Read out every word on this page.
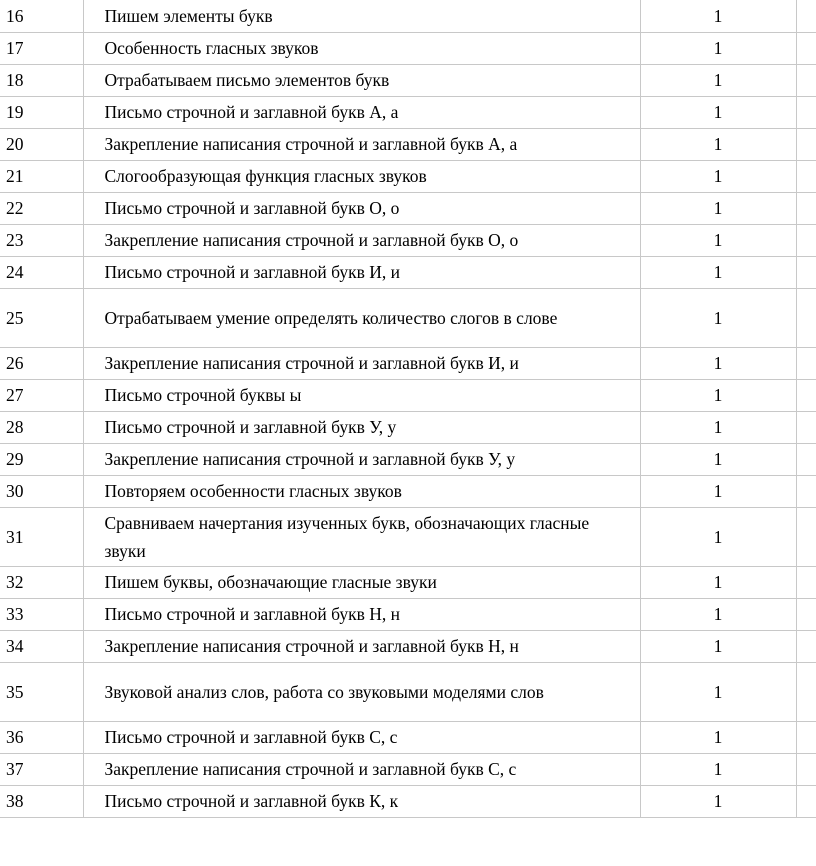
16	Пишем элементы букв	1	
17	Особенность гласных звуков	1	
18	Отрабатываем письмо элементов букв	1	
19	Письмо строчной и заглавной букв А, а	1	
20	Закрепление написания строчной и заглавной букв А, а	1	
21	Слогообразующая функция гласных звуков	1	
22	Письмо строчной и заглавной букв О, о	1	
23	Закрепление написания строчной и заглавной букв О, о	1	
24	Письмо строчной и заглавной букв И, и	1	
25	Отрабатываем умение определять количество слогов в слове	1	
26	Закрепление написания строчной и заглавной букв И, и	1	
27	Письмо строчной буквы ы	1	
28	Письмо строчной и заглавной букв У, у	1	
29	Закрепление написания строчной и заглавной букв У, у	1	
30	Повторяем особенности гласных звуков	1	
31	Сравниваем начертания изученных букв, обозначающих гласные звуки	1	
32	Пишем буквы, обозначающие гласные звуки	1	
33	Письмо строчной и заглавной букв Н, н	1	
34	Закрепление написания строчной и заглавной букв Н, н	1	
35	Звуковой анализ слов, работа со звуковыми моделями слов	1	
36	Письмо строчной и заглавной букв С, с	1	
37	Закрепление написания строчной и заглавной букв С, с	1	
38	Письмо строчной и заглавной букв К, к	1	
